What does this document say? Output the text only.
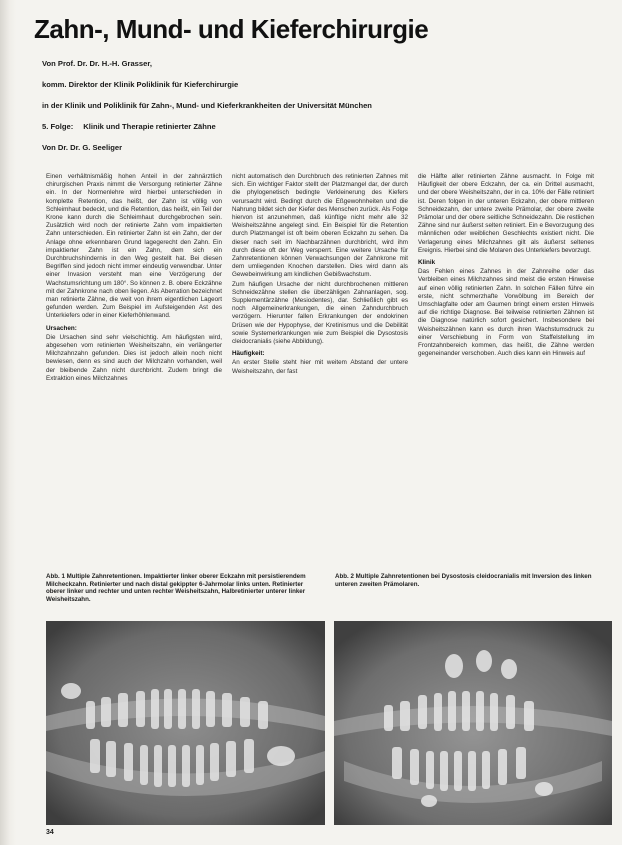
Zahn-, Mund- und Kieferchirurgie
Von Prof. Dr. Dr. H.-H. Grasser,
komm. Direktor der Klinik Poliklinik für Kieferchirurgie
in der Klinik und Poliklinik für Zahn-, Mund- und Kieferkrankheiten der Universität München
5. Folge: Klinik und Therapie retinierter Zähne
Von Dr. Dr. G. Seeliger

Einen verhältnismäßig hohen Anteil in der zahnärztlich chirurgischen Praxis nimmt die Versorgung retinierter Zähne ein. In der Normenlehre wird hierbei unterschieden in komplette Retention, das heißt, der Zahn ist völlig von Schleimhaut bedeckt, und die Retention, das heißt, ein Teil der Krone kann durch die Schleimhaut durchgebrochen sein. Zusätzlich wird noch der retinierte Zahn vom impaktierten Zahn unterschieden. Ein retinierter Zahn ist ein Zahn, der der Anlage ohne erkennbaren Grund lagegerecht den Zahn. Ein impaktierter Zahn ist ein Zahn, dem sich ein Durchbruchshindernis in den Weg gestellt hat. Bei diesen Begriffen sind jedoch nicht immer eindeutig verwendbar. Unter einer Invasion versteht man eine Verzögerung der Wachstumsrichtung um 180°. So können z. B. obere Eckzähne mit der Zahnkrone nach oben liegen. Als Aberration bezeichnet man retinierte Zähne, die weit von ihrem eigentlichen Lageort gefunden werden. Zum Beispiel im Aufsteigenden Ast des Unterkiefers oder in einer Kieferhöhlenwand.

Ursachen:

Die Ursachen sind sehr vielschichtig. Am häufigsten wird, abgesehen vom retinierten Weisheitszahn, ein verlängerter Milchzahnzahn gefunden. Dies ist jedoch allein noch nicht bewiesen, denn es sind auch der Milchzahn vorhanden, weil der bleibende Zahn nicht durchbricht. Zudem bringt die Extraktion eines Milchzahnes

nicht automatisch den Durchbruch des retinierten Zahnes mit sich. Ein wichtiger Faktor stellt der Platzmangel dar, der durch die phylogenetisch bedingte Verkleinerung des Kiefers verursacht wird. Bedingt durch die Eßgewohnheiten und die Nahrung bildet sich der Kiefer des Menschen zurück. Als Folge hiervon ist anzunehmen, daß künftige nicht mehr alle 32 Weisheitszähne angelegt sind. Ein Beispiel für die Retention durch Platzmangel ist oft beim oberen Eckzahn zu sehen. Da dieser nach seit im Nachbarzähnen durchbricht, wird ihm durch diese oft der Weg versperrt. Eine weitere Ursache für Zahnretentionen können Verwachsungen der Zahnkrone mit dem umliegenden Knochen darstellen. Dies wird dann als Gewebeinwirkung am kindlichen Gebißwachstum.

Zum häufigen Ursache der nicht durchbrochenen mittleren Schneidezähne stellen die überzähligen Zahnanlagen, sog. Supplementärzähne (Mesiodentes), dar. Schließlich gibt es noch Allgemeinerkrankungen, die einen Zahndurchbruch verzögern. Hierunter fallen Erkrankungen der endokrinen Drüsen wie der Hypophyse, der Kretinismus und die Debilität sowie Systemerkrankungen wie zum Beispiel die Dysostosis cleidocranialis (siehe Abbildung).

Häufigkeit:

An erster Stelle steht hier mit weitem Abstand der untere Weisheitszahn, der fast

die Hälfte aller retinierten Zähne ausmacht. In Folge mit Häufigkeit der obere Eckzahn, der ca. ein Drittel ausmacht, und der obere Weisheitszahn, der in ca. 10% der Fälle retiniert ist. Deren folgen in der unteren Eckzahn, der obere mittleren Schneidezahn, der untere zweite Prämolar, der obere zweite Prämolar und der obere seitliche Schneidezahn. Die restlichen Zähne sind nur äußerst selten retiniert. Ein e Bevorzugung des männlichen oder weiblichen Geschlechts existiert nicht. Die Verlagerung eines Milchzahnes gilt als äußerst seltenes Ereignis. Hierbei sind die Molaren des Unterkiefers bevorzugt.

Klinik

Das Fehlen eines Zahnes in der Zahnreihe oder das Verbleiben eines Milchzahnes sind meist die ersten Hinweise auf einen völlig retinierten Zahn. In solchen Fällen führe ein erste, nicht schmerzhafte Vorwölbung im Bereich der Umschlagfalte oder am Gaumen bringt einem ersten Hinweis auf die richtige Diagnose. Bei teilweise retinierten Zähnen ist die Diagnose natürlich sofort gesichert. Insbesondere bei Weisheitszähnen kann es durch ihren Wachstumsdruck zu einer Verschiebung in Form von Staffelstellung im Frontzahnbereich kommen, das heißt, die Zähne werden gegeneinander verschoben. Auch dies kann ein Hinweis auf

Abb. 1 Multiple Zahnretentionen. Impaktierter linker oberer Eckzahn mit persistierendem Milcheckzahn. Retinierter und nach distal gekippter 6-Jahrmolar links unten. Retinierter oberer linker und rechter und unten rechter Weisheitszahn, Halbretinierter unterer linker Weisheitszahn.
Abb. 2 Multiple Zahnretentionen bei Dysostosis cleidocranialis mit Inversion des linken unteren zweiten Prämolaren.
34
